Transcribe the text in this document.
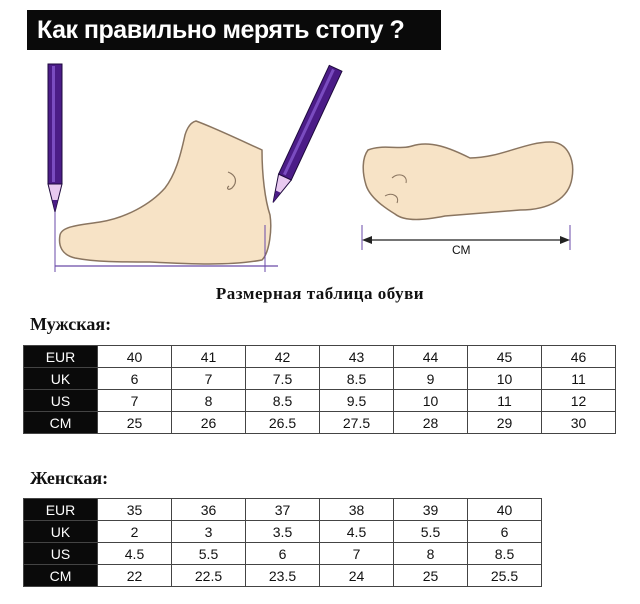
Как правильно мерять стопу ?
СМ
Размерная таблица обуви
Мужская:
EUR	40	41	42	43	44	45	46
UK	6	7	7.5	8.5	9	10	11
US	7	8	8.5	9.5	10	11	12
CM	25	26	26.5	27.5	28	29	30
Женская:
EUR	35	36	37	38	39	40
UK	2	3	3.5	4.5	5.5	6
US	4.5	5.5	6	7	8	8.5
CM	22	22.5	23.5	24	25	25.5
